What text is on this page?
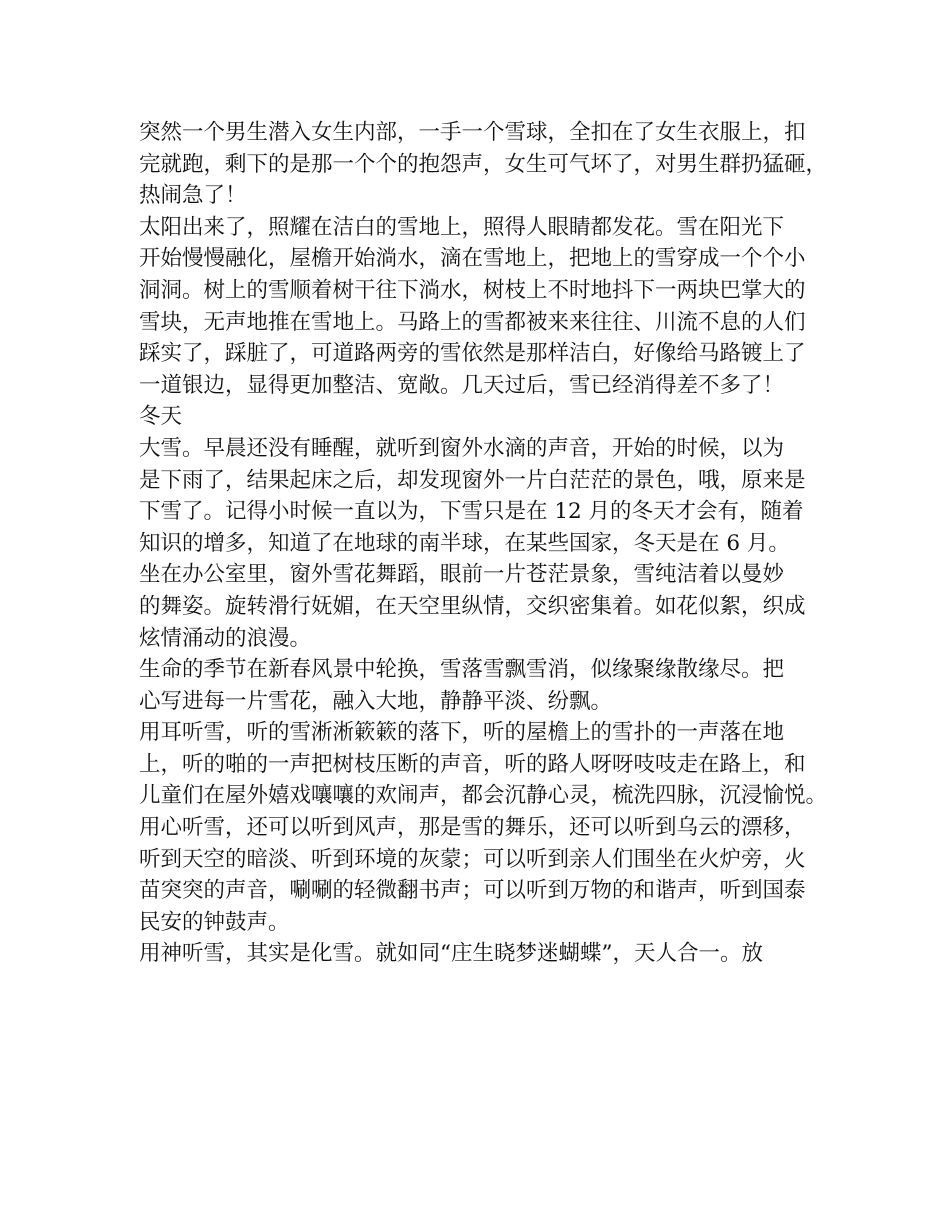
突然一个男生潜入女生内部，一手一个雪球，全扣在了女生衣服上，扣
完就跑，剩下的是那一个个的抱怨声，女生可气坏了，对男生群扔猛砸，
热闹急了！
太阳出来了，照耀在洁白的雪地上，照得人眼睛都发花。雪在阳光下
开始慢慢融化，屋檐开始淌水，滴在雪地上，把地上的雪穿成一个个小
洞洞。树上的雪顺着树干往下淌水，树枝上不时地抖下一两块巴掌大的
雪块，无声地推在雪地上。马路上的雪都被来来往往、川流不息的人们
踩实了，踩脏了，可道路两旁的雪依然是那样洁白，好像给马路镀上了
一道银边，显得更加整洁、宽敞。几天过后，雪已经消得差不多了！
冬天
大雪。早晨还没有睡醒，就听到窗外水滴的声音，开始的时候，以为
是下雨了，结果起床之后，却发现窗外一片白茫茫的景色，哦，原来是
下雪了。记得小时候一直以为，下雪只是在 12 月的冬天才会有，随着
知识的增多，知道了在地球的南半球，在某些国家，冬天是在 6 月。
坐在办公室里，窗外雪花舞蹈，眼前一片苍茫景象，雪纯洁着以曼妙
的舞姿。旋转滑行妩媚，在天空里纵情，交织密集着。如花似絮，织成
炫情涌动的浪漫。
生命的季节在新春风景中轮换，雪落雪飘雪消，似缘聚缘散缘尽。把
心写进每一片雪花，融入大地，静静平淡、纷飘。
用耳听雪，听的雪淅淅簌簌的落下，听的屋檐上的雪扑的一声落在地
上，听的啪的一声把树枝压断的声音，听的路人呀呀吱吱走在路上，和
儿童们在屋外嬉戏嚷嚷的欢闹声，都会沉静心灵，梳洗四脉，沉浸愉悦。
用心听雪，还可以听到风声，那是雪的舞乐，还可以听到乌云的漂移，
听到天空的暗淡、听到环境的灰蒙；可以听到亲人们围坐在火炉旁，火
苗突突的声音，唰唰的轻微翻书声；可以听到万物的和谐声，听到国泰
民安的钟鼓声。
用神听雪，其实是化雪。就如同“庄生晓梦迷蝴蝶”，天人合一。放
